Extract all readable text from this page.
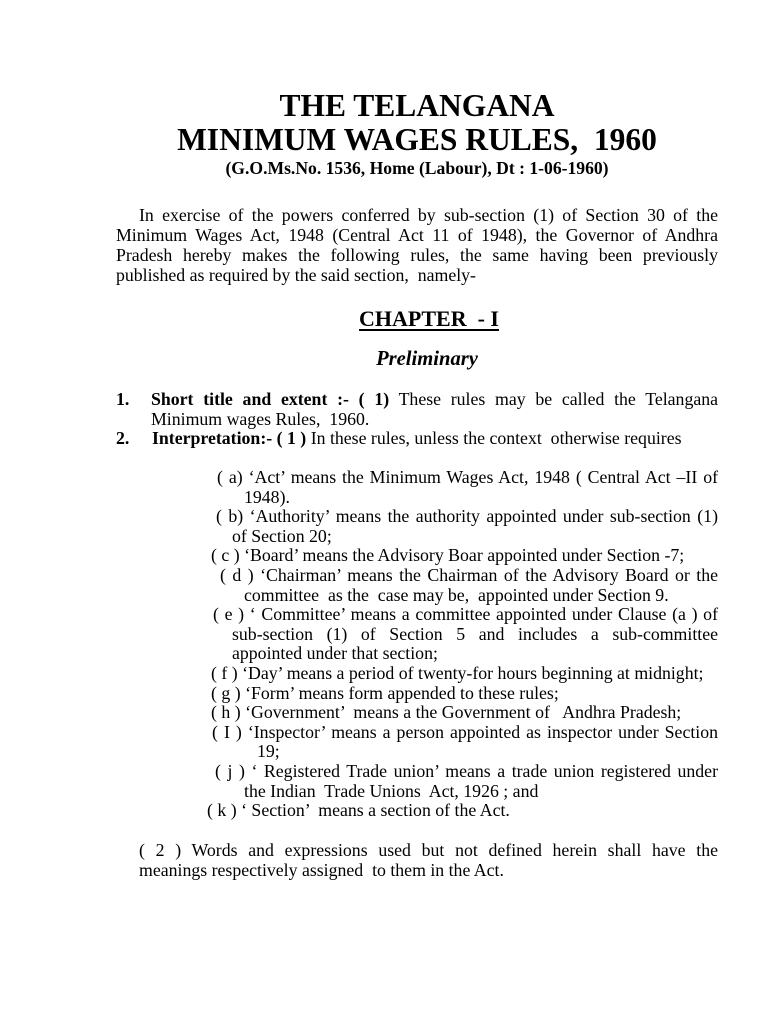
THE TELANGANA
MINIMUM WAGES RULES,  1960
(G.O.Ms.No. 1536, Home (Labour), Dt : 1-06-1960)
In exercise of the powers conferred by sub-section (1) of Section 30 of the
Minimum Wages Act, 1948 (Central Act 11 of 1948), the Governor of Andhra
Pradesh hereby makes the following rules, the same having been previously
published as required by the said section,  namely-
CHAPTER  - I
Preliminary
1. Short title and extent :- ( 1) These rules may be called the Telangana
Minimum wages Rules,  1960.
2. Interpretation:- ( 1 ) In these rules, unless the context  otherwise requires
( a) ‘Act’ means the Minimum Wages Act, 1948 ( Central Act –II of
1948).
( b) ‘Authority’ means the authority appointed under sub-section (1)
of Section 20;
( c ) ‘Board’ means the Advisory Boar appointed under Section -7;
( d ) ‘Chairman’ means the Chairman of the Advisory Board or the
committee  as the  case may be,  appointed under Section 9.
( e ) ‘ Committee’ means a committee appointed under Clause (a ) of
sub-section (1) of Section 5 and includes a sub-committee
appointed under that section;
( f ) ‘Day’ means a period of twenty-for hours beginning at midnight;
( g ) ‘Form’ means form appended to these rules;
( h ) ‘Government’  means a the Government of   Andhra Pradesh;
( I ) ‘Inspector’ means a person appointed as inspector under Section
19;
( j ) ‘ Registered Trade union’ means a trade union registered under
the Indian  Trade Unions  Act, 1926 ; and
( k ) ‘ Section’  means a section of the Act.
( 2 ) Words and expressions used but not defined herein shall have the
meanings respectively assigned  to them in the Act.
